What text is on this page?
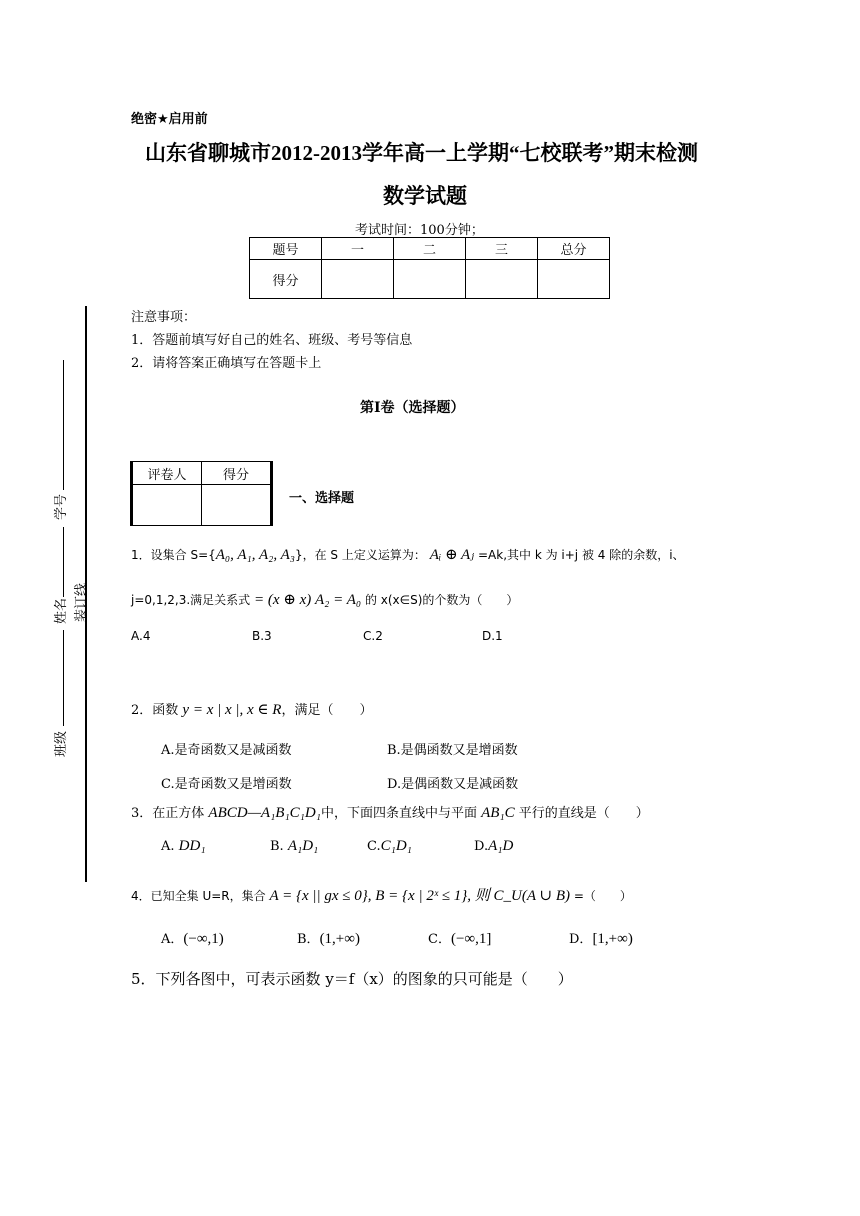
绝密★启用前
山东省聊城市2012-2013学年高一上学期“七校联考”期末检测
数学试题
考试时间：100分钟；
题号	一	二	三	总分
得分				
注意事项：
1．答题前填写好自己的姓名、班级、考号等信息
2．请将答案正确填写在答题卡上
第I卷（选择题）
评卷人	得分

一、选择题
学号
姓名 装订线
班级
1．设集合 S={A₀, A₁, A₂, A₃}，在 S 上定义运算为： Aᵢ ⊕ Aⱼ =Ak,其中 k 为 i+j 被 4 除的余数，i、
j=0,1,2,3.满足关系式 = (x ⊕ x) A₂ = A₀ 的 x(x∈S)的个数为（　　）
A.4	B.3	C.2	D.1
2．函数 y = x | x |, x ∈ R，满足（　　）
A.是奇函数又是减函数	B.是偶函数又是增函数
C.是奇函数又是增函数	D.是偶函数又是减函数
3．在正方体 ABCD—A₁B₁C₁D₁中，下面四条直线中与平面 AB₁C 平行的直线是（　　）
A. DD₁	B. A₁D₁	C.C₁D₁	D.A₁D
4．已知全集 U=R，集合 A = {x || gx ≤ 0}, B = {x | 2ˣ ≤ 1}, 则 C_U(A ∪ B) =（　　）
A．(−∞,1)	B．(1,+∞)	C．(−∞,1]	D．[1,+∞)
5．下列各图中，可表示函数 y＝f（x）的图象的只可能是（　　）
